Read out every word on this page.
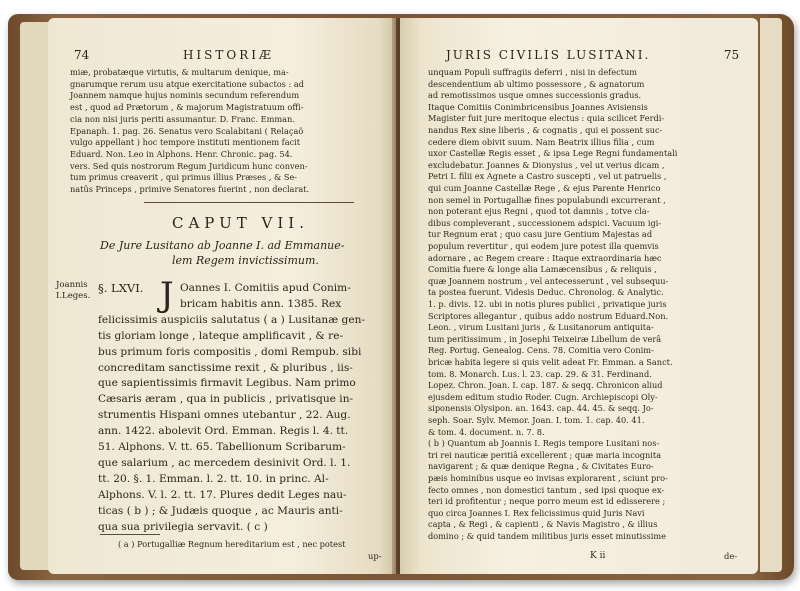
74	HISTORIÆ
miæ, probatæque virtutis, & multarum denique, ma-
gnarumque rerum usu atque exercitatione subactos : ad
Joannem namque hujus nominis secundum referendum
est , quod ad Prætorum , & majorum Magistratuum offi-
cia non nisi juris periti assumantur. D. Franc. Emman.
Epanaph. 1. pag. 26. Senatus vero Scalabitani ( Relaçaõ
vulgo appellant ) hoc tempore instituti mentionem facit
Eduard. Non. Leo in Alphons. Henr. Chronic. pag. 54.
vers. Sed quis nostrorum Regum Juridicum hunc conven-
tum primus creaverit , qui primus illius Præses , & Se-
natûs Princeps , primive Senatores fuerint , non declarat.
CAPUT VII.
De Jure Lusitano ab Joanne I. ad Emmanue-
lem Regem invictissimum.
Joannis
I.Leges.
§. LXVI. J Oannes I. Comitiis apud Conim-
bricam habitis ann. 1385. Rex
felicissimis auspiciis salutatus ( a ) Lusitanæ gen-
tis gloriam longe , lateque amplificavit , & re-
bus primum foris compositis , domi Rempub. sibi
concreditam sanctissime rexit , & pluribus , iis-
que sapientissimis firmavit Legibus. Nam primo
Cæsaris æram , qua in publicis , privatisque in-
strumentis Hispani omnes utebantur , 22. Aug.
ann. 1422. abolevit Ord. Emman. Regis l. 4. tt.
51. Alphons. V. tt. 65. Tabellionum Scribarum-
que salarium , ac mercedem desinivit Ord. l. 1.
tt. 20. §. 1. Emman. l. 2. tt. 10. in princ. Al-
Alphons. V. l. 2. tt. 17. Plures dedit Leges nau-
ticas ( b ) ; & Judæis quoque , ac Mauris anti-
qua sua privilegia servavit. ( c )
( a ) Portugalliæ Regnum hereditarium est , nec potest
up-
JURIS CIVILIS LUSITANI.	75
unquam Populi suffragiis deferri , nisi in defectum
descendentium ab ultimo possessore , & agnatorum
ad remotissimos usque omnes successionis gradus.
Itaque Comitiis Conimbricensibus Joannes Avisiensis
Magister fuit jure meritoque electus : quia scilicet Ferdi-
nandus Rex sine liberis , & cognatis , qui ei possent suc-
cedere diem obivit suum. Nam Beatrix illius filia , cum
uxor Castellæ Regis esset , & ipsa Lege Regni fundamentali
excludebatur. Joannes & Dionysius , vel ut verius dicam ,
Petri I. filii ex Agnete a Castro suscepti , vel ut patruelis ,
qui cum Joanne Castellæ Rege , & ejus Parente Henrico
non semel in Portugalliæ fines populabundi excurrerant ,
non poterant ejus Regni , quod tot damnis , totve cla-
dibus compleverant , successionem adspici. Vacuum igi-
tur Regnum erat ; quo casu jure Gentium Majestas ad
populum revertitur , qui eodem jure potest illa quemvis
adornare , ac Regem creare : Itaque extraordinaria hæc
Comitia fuere & longe alia Lamæcensibus , & reliquis ,
quæ Joannem nostrum , vel antecesserunt , vel subsequu-
ta postea fuerunt. Videsis Deduc. Chronolog. & Analytic.
1. p. divis. 12. ubi in notis plures publici , privatique juris
Scriptores allegantur , quibus addo nostrum Eduard.Non.
Leon. , virum Lusitani juris , & Lusitanorum antiquita-
tum peritissimum , in Josephi Teixeiræ Libellum de verâ
Reg. Portug. Genealog. Cens. 78. Comitia vero Conim-
bricæ habita legere si quis velit adeat Fr. Emman. a Sanct.
tom. 8. Monarch. Lus. l. 23. cap. 29. & 31. Ferdinand.
Lopez. Chron. Joan. I. cap. 187. & seqq. Chronicon aliud
ejusdem editum studio Roder. Cugn. Archiepiscopi Oly-
siponensis Olysipon. an. 1643. cap. 44. 45. & seqq. Jo-
seph. Soar. Sylv. Memor. Joan. I. tom. 1. cap. 40. 41.
& tom. 4. document. n. 7. 8.
( b ) Quantum ab Joannis I. Regis tempore Lusitani nos-
tri rei nauticæ peritiâ excellerent ; quæ maria incognita
navigarent ; & quæ denique Regna , & Civitates Euro-
pæis hominibus usque eo invisas explorarent , sciunt pro-
fecto omnes , non domestici tantum , sed ipsi quoque ex-
teri id profitentur ; neque porro meum est id edisserere ;
quo circa Joannes I. Rex felicissimus quid Juris Navi
capta , & Regi , & capienti , & Navis Magistro , & illius
domino ; & quid tandem militibus juris esset minutissime
K ii	de-
